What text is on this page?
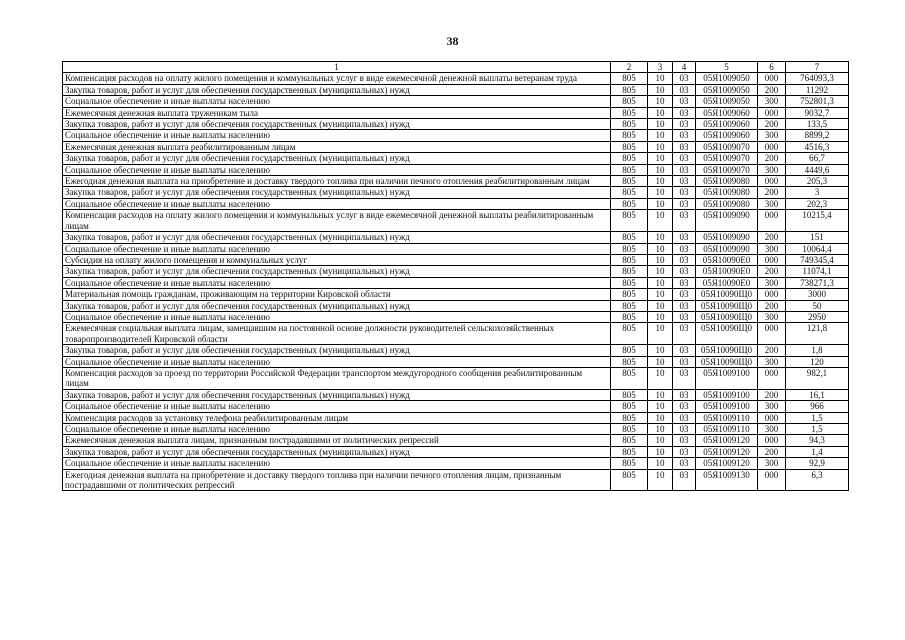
38
1	2	3	4	5	6	7
Компенсация расходов на оплату жилого помещения и коммунальных услуг в виде ежемесячной денежной выплаты ветеранам труда	805	10	03	05Я1009050	000	764093,3
Закупка товаров, работ и услуг для обеспечения государственных (муниципальных) нужд	805	10	03	05Я1009050	200	11292
Социальное обеспечение и иные выплаты населению	805	10	03	05Я1009050	300	752801,3
Ежемесячная денежная выплата труженикам тыла	805	10	03	05Я1009060	000	9032,7
Закупка товаров, работ и услуг для обеспечения государственных (муниципальных) нужд	805	10	03	05Я1009060	200	133,5
Социальное обеспечение и иные выплаты населению	805	10	03	05Я1009060	300	8899,2
Ежемесячная денежная выплата реабилитированным лицам	805	10	03	05Я1009070	000	4516,3
Закупка товаров, работ и услуг для обеспечения государственных (муниципальных) нужд	805	10	03	05Я1009070	200	66,7
Социальное обеспечение и иные выплаты населению	805	10	03	05Я1009070	300	4449,6
Ежегодная денежная выплата на приобретение и доставку твердого топлива при наличии печного отопления реабилитированным лицам	805	10	03	05Я1009080	000	205,3
Закупка товаров, работ и услуг для обеспечения государственных (муниципальных) нужд	805	10	03	05Я1009080	200	3
Социальное обеспечение и иные выплаты населению	805	10	03	05Я1009080	300	202,3
Компенсация расходов на оплату жилого помещения и коммунальных услуг в виде ежемесячной денежной выплаты реабилитированным лицам	805	10	03	05Я1009090	000	10215,4
Закупка товаров, работ и услуг для обеспечения государственных (муниципальных) нужд	805	10	03	05Я1009090	200	151
Социальное обеспечение и иные выплаты населению	805	10	03	05Я1009090	300	10064,4
Субсидия на оплату жилого помещения и коммунальных услуг	805	10	03	05Я10090Е0	000	749345,4
Закупка товаров, работ и услуг для обеспечения государственных (муниципальных) нужд	805	10	03	05Я10090Е0	200	11074,1
Социальное обеспечение и иные выплаты населению	805	10	03	05Я10090Е0	300	738271,3
Материальная помощь гражданам, проживающим на территории Кировской области	805	10	03	05Я10090Щ0	000	3000
Закупка товаров, работ и услуг для обеспечения государственных (муниципальных) нужд	805	10	03	05Я10090Щ0	200	50
Социальное обеспечение и иные выплаты населению	805	10	03	05Я10090Щ0	300	2950
Ежемесячная социальная выплата лицам, замещавшим на постоянной основе должности руководителей сельскохозяйственных товаропроизводителей Кировской области	805	10	03	05Я10090Щ0	000	121,8
Закупка товаров, работ и услуг для обеспечения государственных (муниципальных) нужд	805	10	03	05Я10090Щ0	200	1,8
Социальное обеспечение и иные выплаты населению	805	10	03	05Я10090Щ0	300	120
Компенсация расходов за проезд по территории Российской Федерации транспортом междугородного сообщения реабилитированным лицам	805	10	03	05Я1009100	000	982,1
Закупка товаров, работ и услуг для обеспечения государственных (муниципальных) нужд	805	10	03	05Я1009100	200	16,1
Социальное обеспечение и иные выплаты населению	805	10	03	05Я1009100	300	966
Компенсация расходов за установку телефона реабилитированным лицам	805	10	03	05Я1009110	000	1,5
Социальное обеспечение и иные выплаты населению	805	10	03	05Я1009110	300	1,5
Ежемесячная денежная выплата лицам, признанным пострадавшими от политических репрессий	805	10	03	05Я1009120	000	94,3
Закупка товаров, работ и услуг для обеспечения государственных (муниципальных) нужд	805	10	03	05Я1009120	200	1,4
Социальное обеспечение и иные выплаты населению	805	10	03	05Я1009120	300	92,9
Ежегодная денежная выплата на приобретение и доставку твердого топлива при наличии печного отопления лицам, признанным пострадавшими от политических репрессий	805	10	03	05Я1009130	000	6,3
